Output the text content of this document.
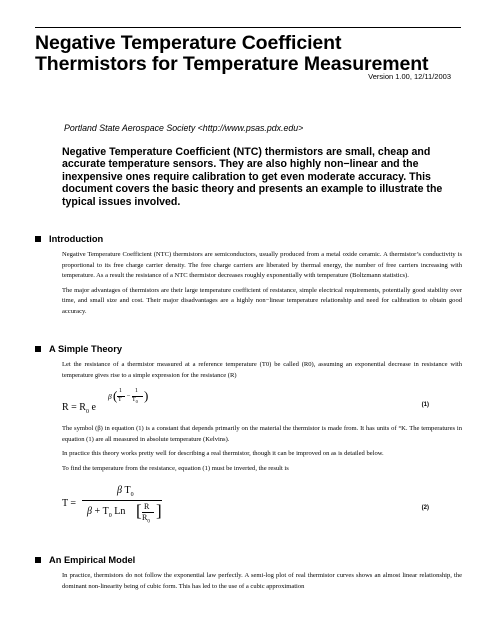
Negative Temperature Coefficient
Thermistors for Temperature Measurement
Version 1.00, 12/11/2003
Portland State Aerospace Society <http://www.psas.pdx.edu>
Negative Temperature Coefficient (NTC) thermistors are small, cheap and accurate temperature sensors. They are also highly non−linear and the inexpensive ones require calibration to get even moderate accuracy. This document covers the basic theory and presents an example to illustrate the typical issues involved.
Introduction

Negative Temperature Coefficient (NTC) thermistors are semiconductors, usually produced from a metal oxide ceramic. A thermistor’s conductivity is proportional to its free charge carrier density. The free charge carriers are liberated by thermal energy, the number of free carriers increasing with temperature. As a result the resistance of a NTC thermistor decreases roughly exponentially with temperature (Boltzmann statistics).

The major advantages of thermistors are their large temperature coefficient of resistance, simple electrical requirements, potentially good stability over time, and small size and cost. Their major disadvantages are a highly non−linear temperature relationship and need for calibration to obtain good accuracy.

A Simple Theory
Let the resistance of a thermistor measured at a reference temperature (T0) be called (R0), assuming an exponential decrease in resistance with temperature gives rise to a simple expression for the resistance (R)
$R = R_0$ e
β ( 1
T
–
1
$T_0$ )
(1)

The symbol (β) in equation (1) is a constant that depends primarily on the material the thermistor is made from. It has units of °K. The temperatures in equation (1) are all measured in absolute temperature (Kelvins).

In practice this theory works pretty well for describing a real thermistor, though it can be improved on as is detailed below.

To find the temperature from the resistance, equation (1) must be inverted, the result is

T =
β $T_0$
$\beta + T_0$ Ln [ R
$R_0$
]	(2)
An Empirical Model
In practice, thermistors do not follow the exponential law perfectly. A semi-log plot of real thermistor curves shows an almost linear relationship, the dominant non-linearity being of cubic form. This has led to the use of a cubic approximation
